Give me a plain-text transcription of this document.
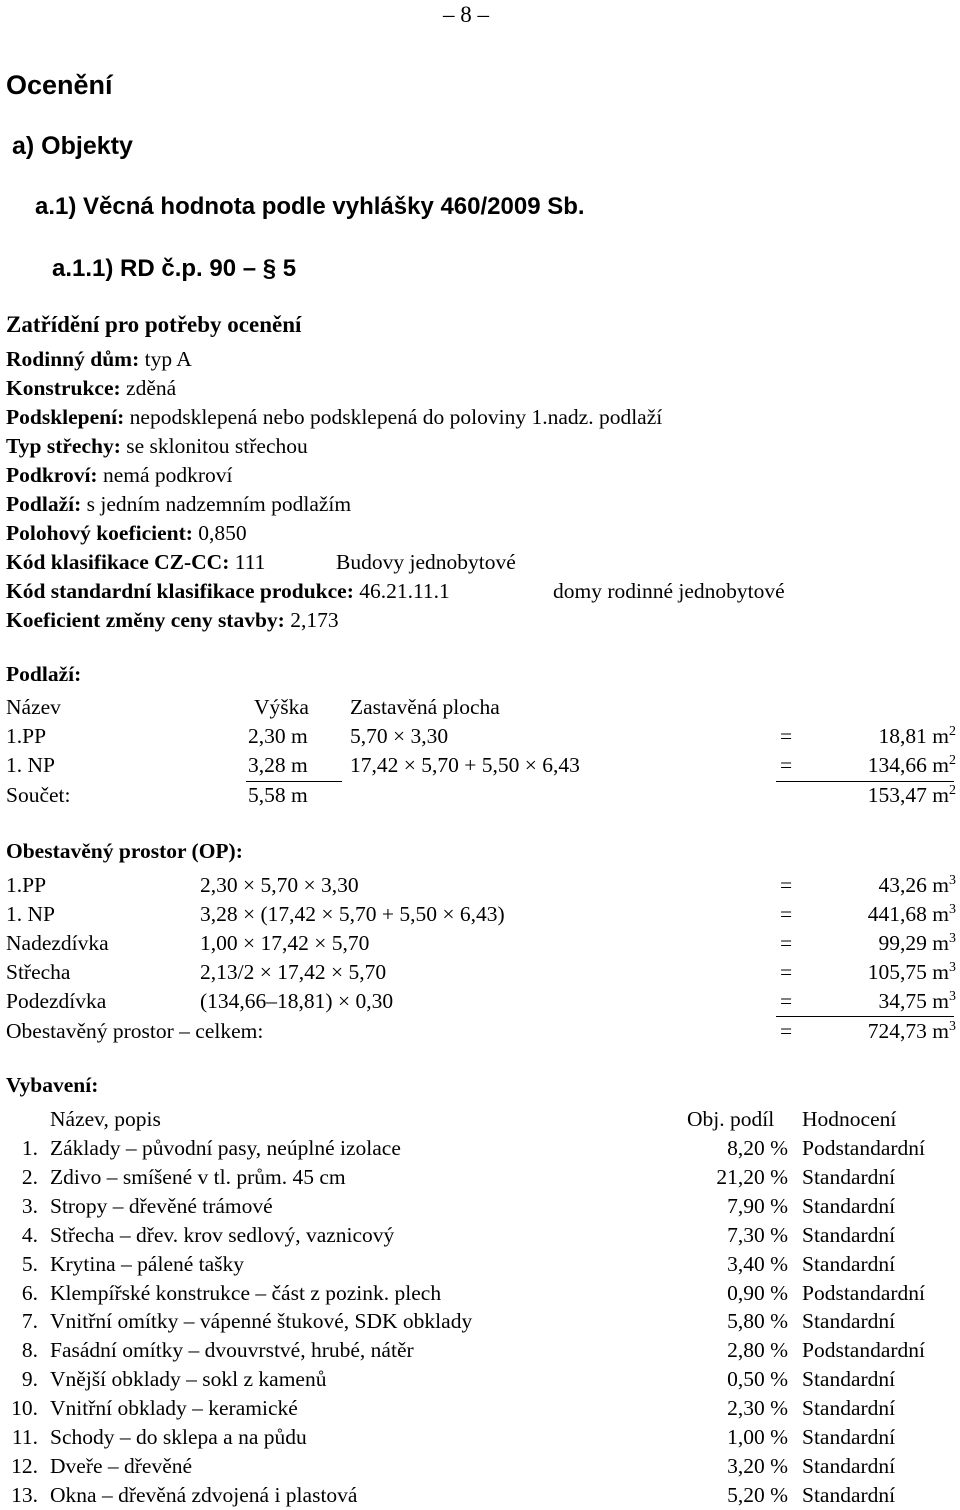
– 8 –
Ocenění
a) Objekty
a.1) Věcná hodnota podle vyhlášky 460/2009 Sb.
a.1.1) RD č.p. 90 – § 5
Zatřídění pro potřeby ocenění
Rodinný dům: typ A
Konstrukce: zděná
Podsklepení: nepodsklepená nebo podsklepená do poloviny 1.nadz. podlaží
Typ střechy: se sklonitou střechou
Podkroví: nemá podkroví
Podlaží: s jedním nadzemním podlažím
Polohový koeficient: 0,850
Kód klasifikace CZ-CC: 111	Budovy jednobytové
Kód standardní klasifikace produkce: 46.21.11.1	domy rodinné jednobytové
Koeficient změny ceny stavby: 2,173
Podlaží:
Název	Výška Zastavěná plocha
1.PP	2,30 m 5,70 × 3,30	=	18,81 $m^2$
1. NP	3,28 m 17,42 × 5,70 + 5,50 × 6,43	=	134,66 $m^2$
Součet:	5,58 m	153,47 $m^2$
Obestavěný prostor (OP):
1.PP	2,30 × 5,70 × 3,30	=	43,26 $m^3$
1. NP	3,28 × (17,42 × 5,70 + 5,50 × 6,43)	=	441,68 $m^3$
Nadezdívka	1,00 × 17,42 × 5,70	=	99,29 $m^3$
Střecha	2,13/2 × 17,42 × 5,70	=	105,75 $m^3$
Podezdívka	(134,66–18,81) × 0,30	=	34,75 $m^3$
Obestavěný prostor – celkem:	=	724,73 $m^3$
Vybavení:
Název, popis	Obj. podíl Hodnocení
1. Základy – původní pasy, neúplné izolace	8,20 % Podstandardní
2. Zdivo – smíšené v tl. prům. 45 cm	21,20 % Standardní
3. Stropy – dřevěné trámové	7,90 % Standardní
4. Střecha – dřev. krov sedlový, vaznicový	7,30 % Standardní
5. Krytina – pálené tašky	3,40 % Standardní
6. Klempířské konstrukce – část z pozink. plech	0,90 % Podstandardní
7. Vnitřní omítky – vápenné štukové, SDK obklady	5,80 % Standardní
8. Fasádní omítky – dvouvrstvé, hrubé, nátěr	2,80 % Podstandardní
9. Vnější obklady – sokl z kamenů	0,50 % Standardní
10. Vnitřní obklady – keramické	2,30 % Standardní
11. Schody – do sklepa a na půdu	1,00 % Standardní
12. Dveře – dřevěné	3,20 % Standardní
13. Okna – dřevěná zdvojená i plastová	5,20 % Standardní
